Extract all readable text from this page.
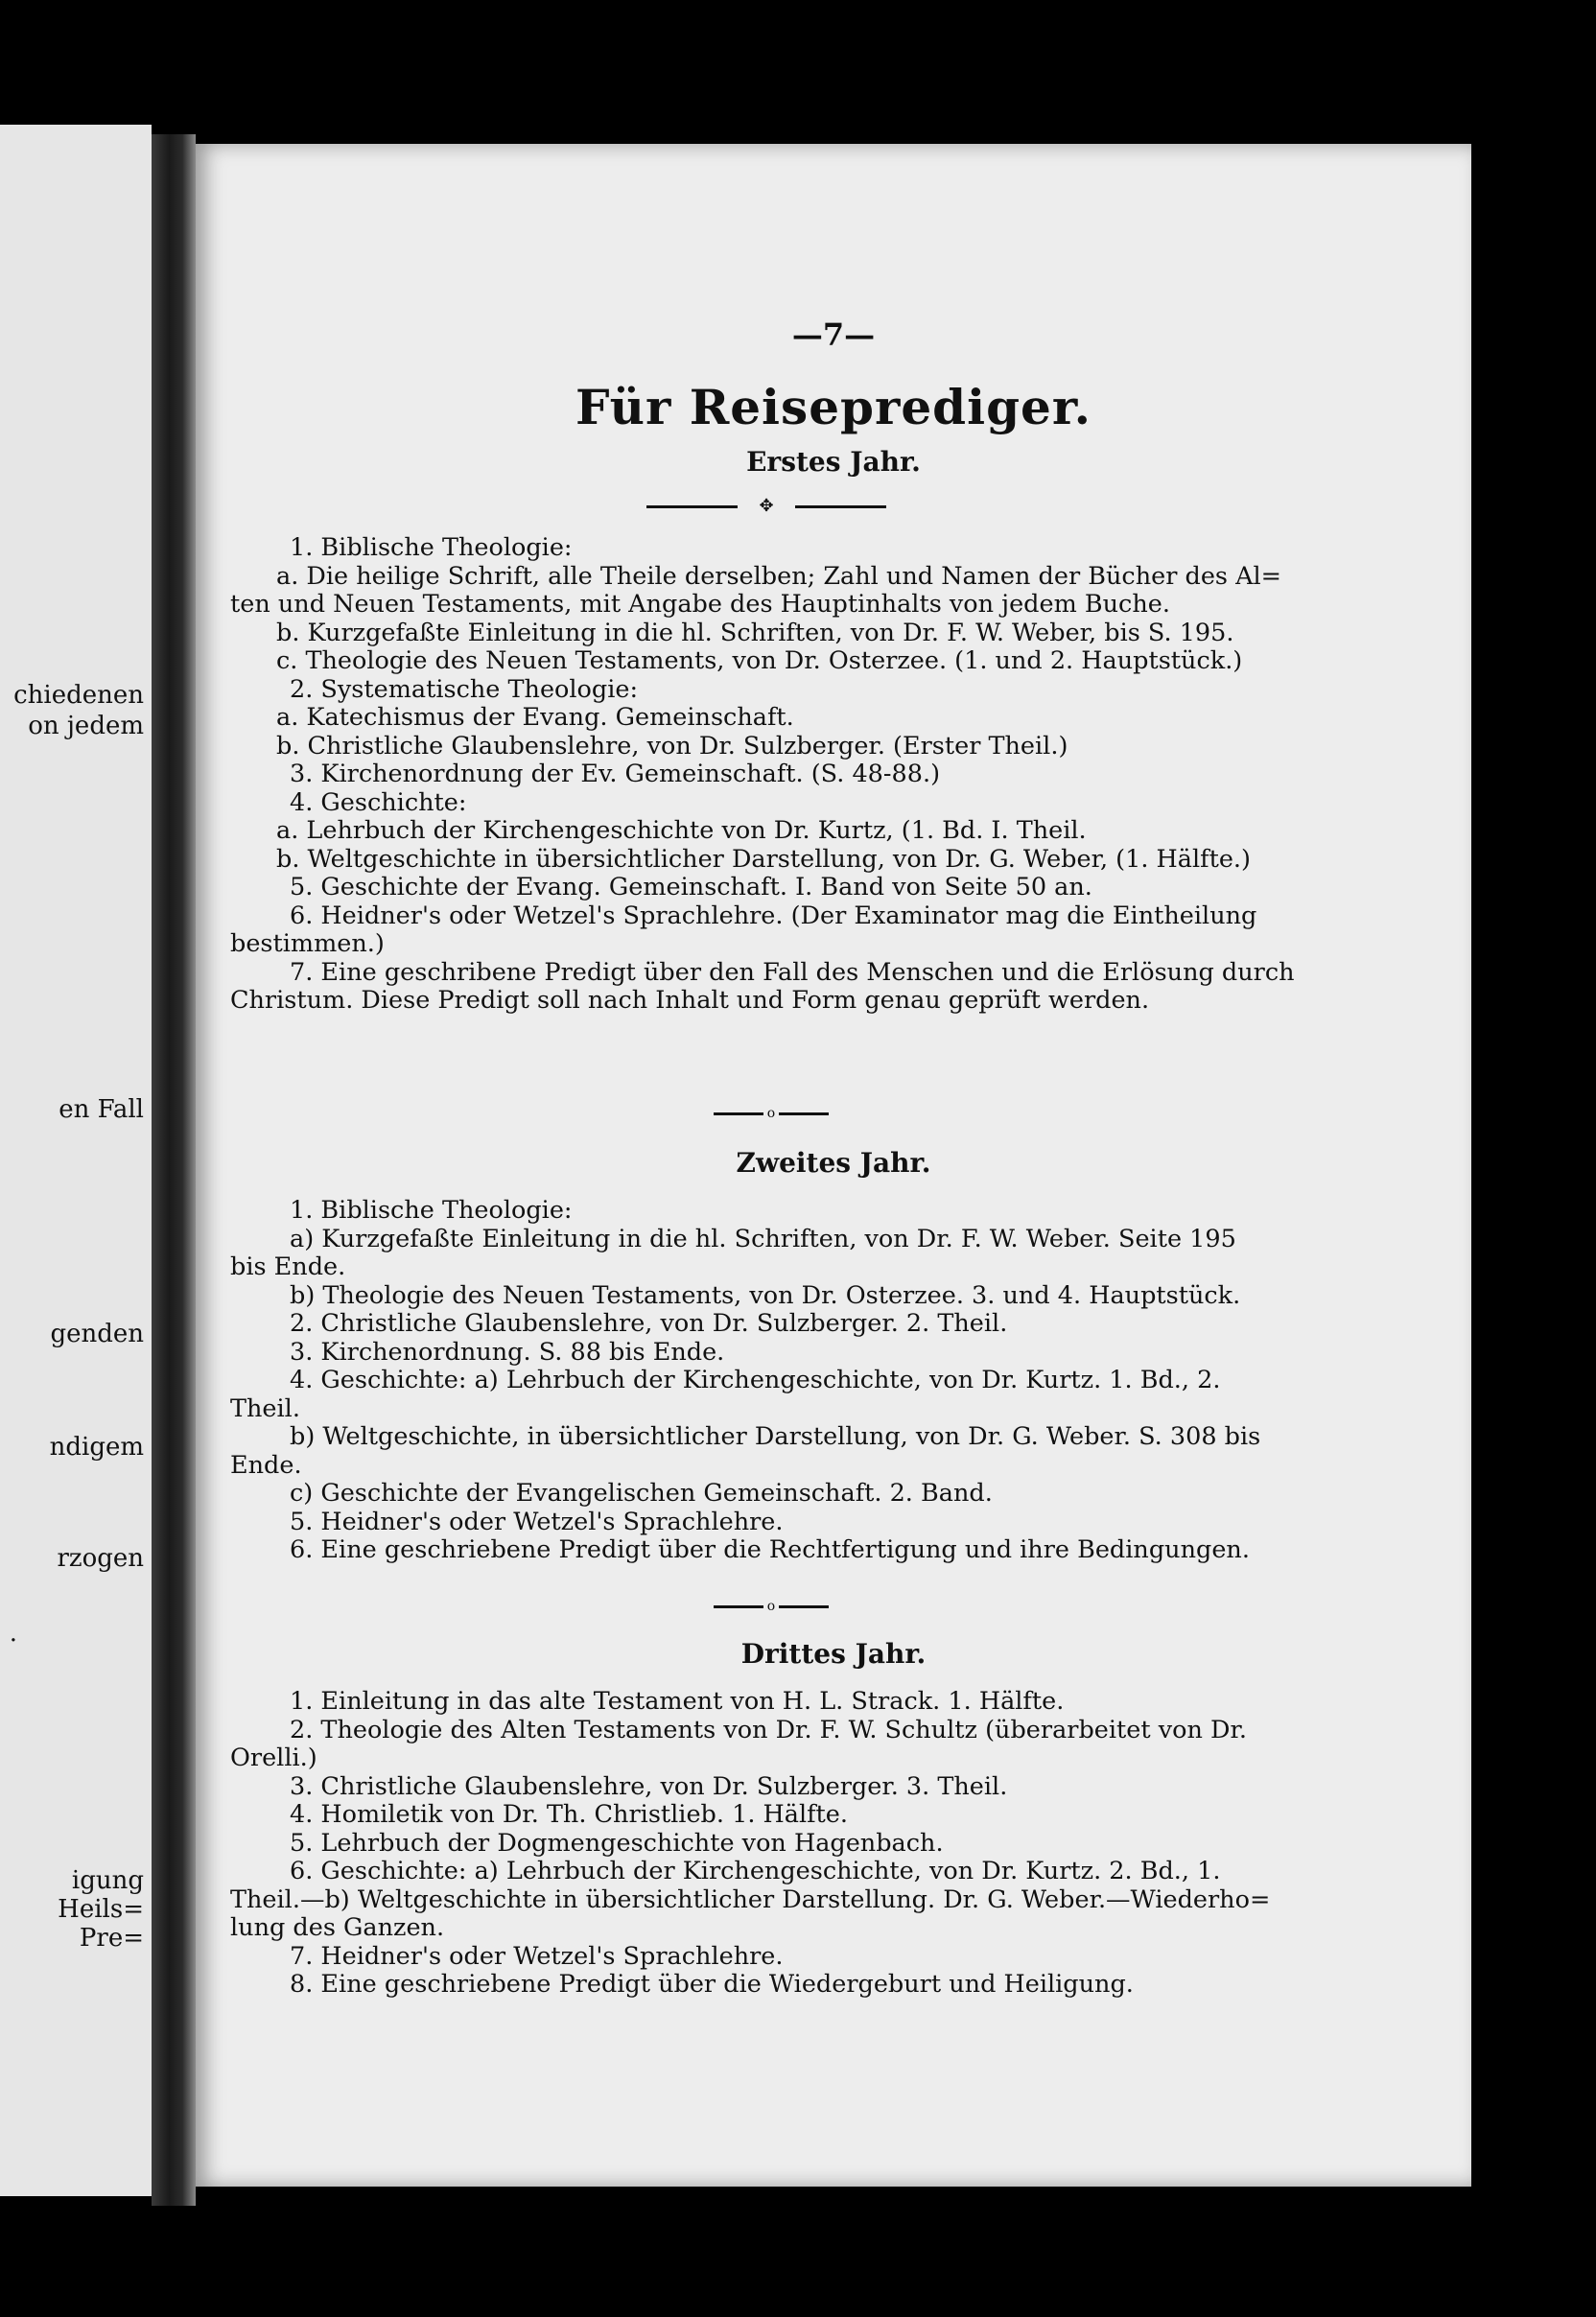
chiedenen
on jedem
en Fall
genden
ndigem
rzogen
.
igung
Heils=
Pre=
—7—
Für Reiseprediger.
Erstes Jahr.
✥
1. Biblische Theologie:
a. Die heilige Schrift, alle Theile derselben; Zahl und Namen der Bücher des Al=
ten und Neuen Testaments, mit Angabe des Hauptinhalts von jedem Buche.
b. Kurzgefaßte Einleitung in die hl. Schriften, von Dr. F. W. Weber, bis S. 195.
c. Theologie des Neuen Testaments, von Dr. Osterzee. (1. und 2. Hauptstück.)
2. Systematische Theologie:
a. Katechismus der Evang. Gemeinschaft.
b. Christliche Glaubenslehre, von Dr. Sulzberger. (Erster Theil.)
3. Kirchenordnung der Ev. Gemeinschaft. (S. 48-88.)
4. Geschichte:
a. Lehrbuch der Kirchengeschichte von Dr. Kurtz, (1. Bd. I. Theil.
b. Weltgeschichte in übersichtlicher Darstellung, von Dr. G. Weber, (1. Hälfte.)
5. Geschichte der Evang. Gemeinschaft. I. Band von Seite 50 an.
6. Heidner's oder Wetzel's Sprachlehre. (Der Examinator mag die Eintheilung
bestimmen.)
7. Eine geschribene Predigt über den Fall des Menschen und die Erlösung durch
Christum. Diese Predigt soll nach Inhalt und Form genau geprüft werden.
o
Zweites Jahr.
1. Biblische Theologie:
a) Kurzgefaßte Einleitung in die hl. Schriften, von Dr. F. W. Weber. Seite 195
bis Ende.
b) Theologie des Neuen Testaments, von Dr. Osterzee. 3. und 4. Hauptstück.
2. Christliche Glaubenslehre, von Dr. Sulzberger. 2. Theil.
3. Kirchenordnung. S. 88 bis Ende.
4. Geschichte: a) Lehrbuch der Kirchengeschichte, von Dr. Kurtz. 1. Bd., 2.
Theil.
b) Weltgeschichte, in übersichtlicher Darstellung, von Dr. G. Weber. S. 308 bis
Ende.
c) Geschichte der Evangelischen Gemeinschaft. 2. Band.
5. Heidner's oder Wetzel's Sprachlehre.
6. Eine geschriebene Predigt über die Rechtfertigung und ihre Bedingungen.
o
Drittes Jahr.
1. Einleitung in das alte Testament von H. L. Strack. 1. Hälfte.
2. Theologie des Alten Testaments von Dr. F. W. Schultz (überarbeitet von Dr.
Orelli.)
3. Christliche Glaubenslehre, von Dr. Sulzberger. 3. Theil.
4. Homiletik von Dr. Th. Christlieb. 1. Hälfte.
5. Lehrbuch der Dogmengeschichte von Hagenbach.
6. Geschichte: a) Lehrbuch der Kirchengeschichte, von Dr. Kurtz. 2. Bd., 1.
Theil.—b) Weltgeschichte in übersichtlicher Darstellung. Dr. G. Weber.—Wiederho=
lung des Ganzen.
7. Heidner's oder Wetzel's Sprachlehre.
8. Eine geschriebene Predigt über die Wiedergeburt und Heiligung.
